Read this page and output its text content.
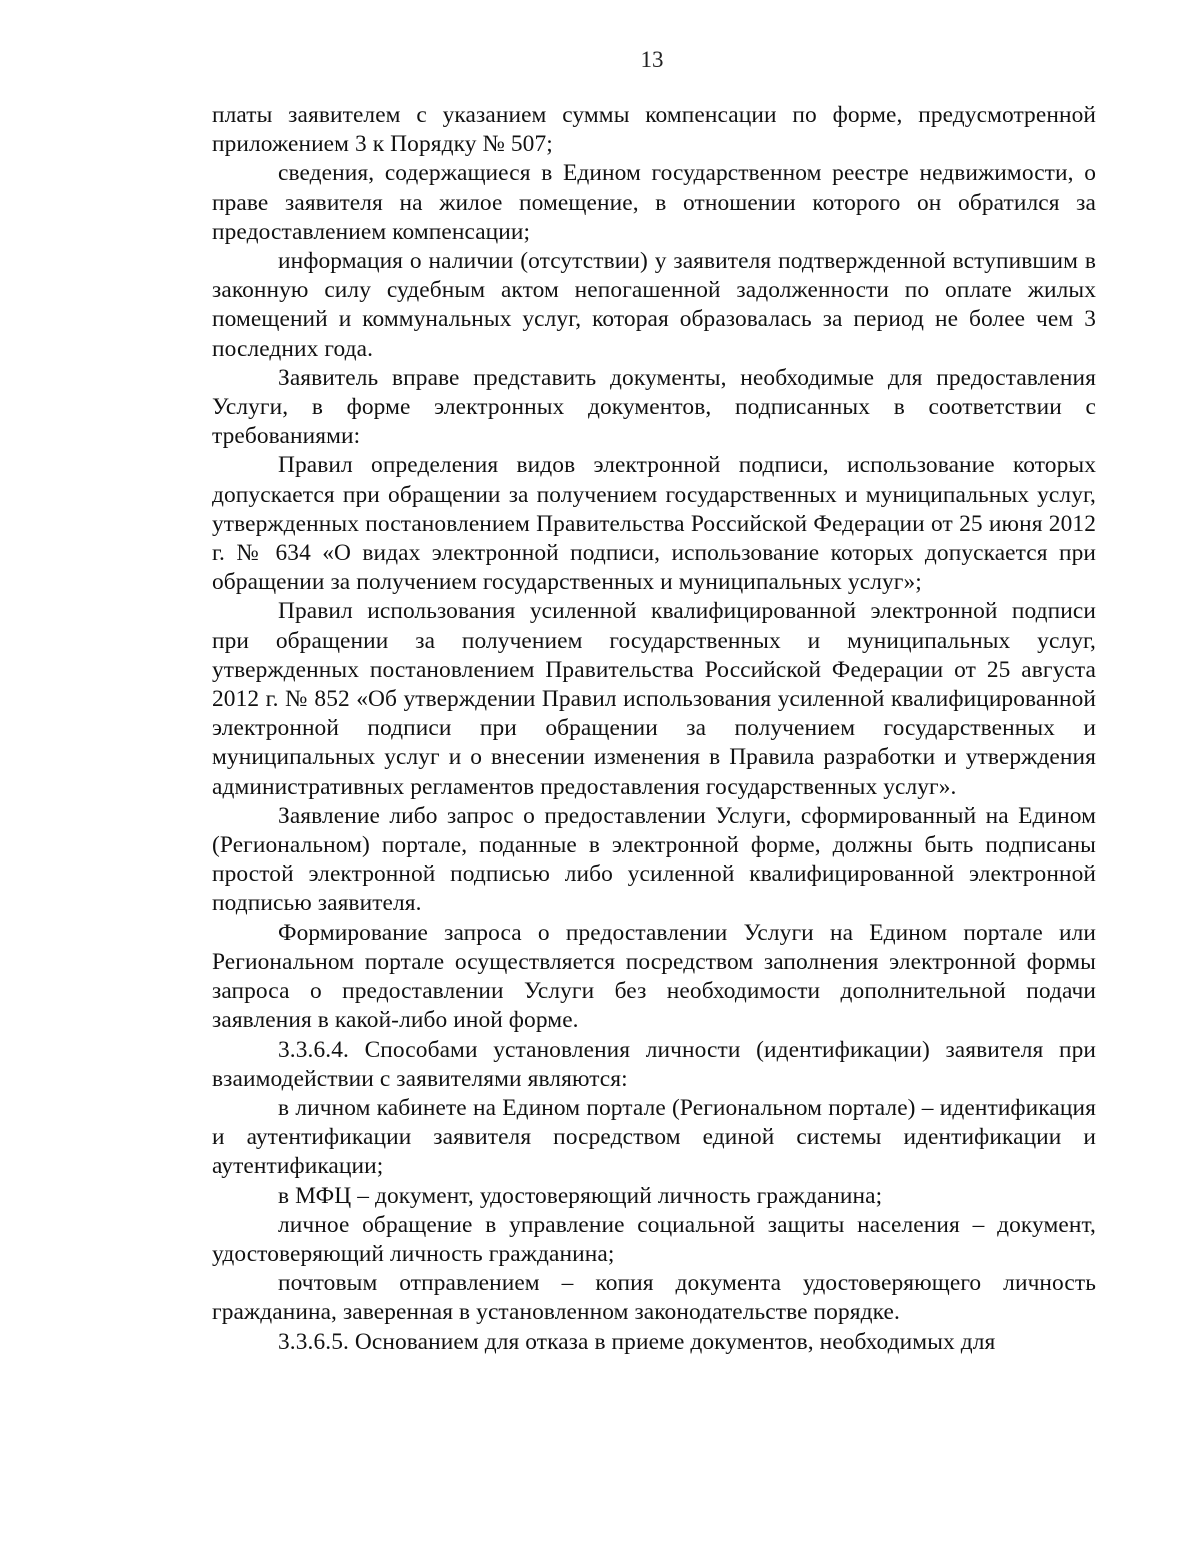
13

платы заявителем с указанием суммы компенсации по форме, предусмотренной приложением 3 к Порядку № 507;

сведения, содержащиеся в Едином государственном реестре недвижимости, о праве заявителя на жилое помещение, в отношении которого он обратился за предоставлением компенсации;

информация о наличии (отсутствии) у заявителя подтвержденной вступившим в законную силу судебным актом непогашенной задолженности по оплате жилых помещений и коммунальных услуг, которая образовалась за период не более чем 3 последних года.

Заявитель вправе представить документы, необходимые для предоставления Услуги, в форме электронных документов, подписанных в соответствии с требованиями:

Правил определения видов электронной подписи, использование которых допускается при обращении за получением государственных и муниципальных услуг, утвержденных постановлением Правительства Российской Федерации от 25 июня 2012 г. № 634 «О видах электронной подписи, использование которых допускается при обращении за получением государственных и муниципальных услуг»;

Правил использования усиленной квалифицированной электронной подписи при обращении за получением государственных и муниципальных услуг, утвержденных постановлением Правительства Российской Федерации от 25 августа 2012 г. № 852 «Об утверждении Правил использования усиленной квалифицированной электронной подписи при обращении за получением государственных и муниципальных услуг и о внесении изменения в Правила разработки и утверждения административных регламентов предоставления государственных услуг».

Заявление либо запрос о предоставлении Услуги, сформированный на Едином (Региональном) портале, поданные в электронной форме, должны быть подписаны простой электронной подписью либо усиленной квалифицированной электронной подписью заявителя.

Формирование запроса о предоставлении Услуги на Едином портале или Региональном портале осуществляется посредством заполнения электронной формы запроса о предоставлении Услуги без необходимости дополнительной подачи заявления в какой-либо иной форме.

3.3.6.4. Способами установления личности (идентификации) заявителя при взаимодействии с заявителями являются:

в личном кабинете на Едином портале (Региональном портале) – идентификация и аутентификации заявителя посредством единой системы идентификации и аутентификации;

в МФЦ – документ, удостоверяющий личность гражданина;

личное обращение в управление социальной защиты населения – документ, удостоверяющий личность гражданина;

почтовым отправлением – копия документа удостоверяющего личность гражданина, заверенная в установленном законодательстве порядке.

3.3.6.5. Основанием для отказа в приеме документов, необходимых для
